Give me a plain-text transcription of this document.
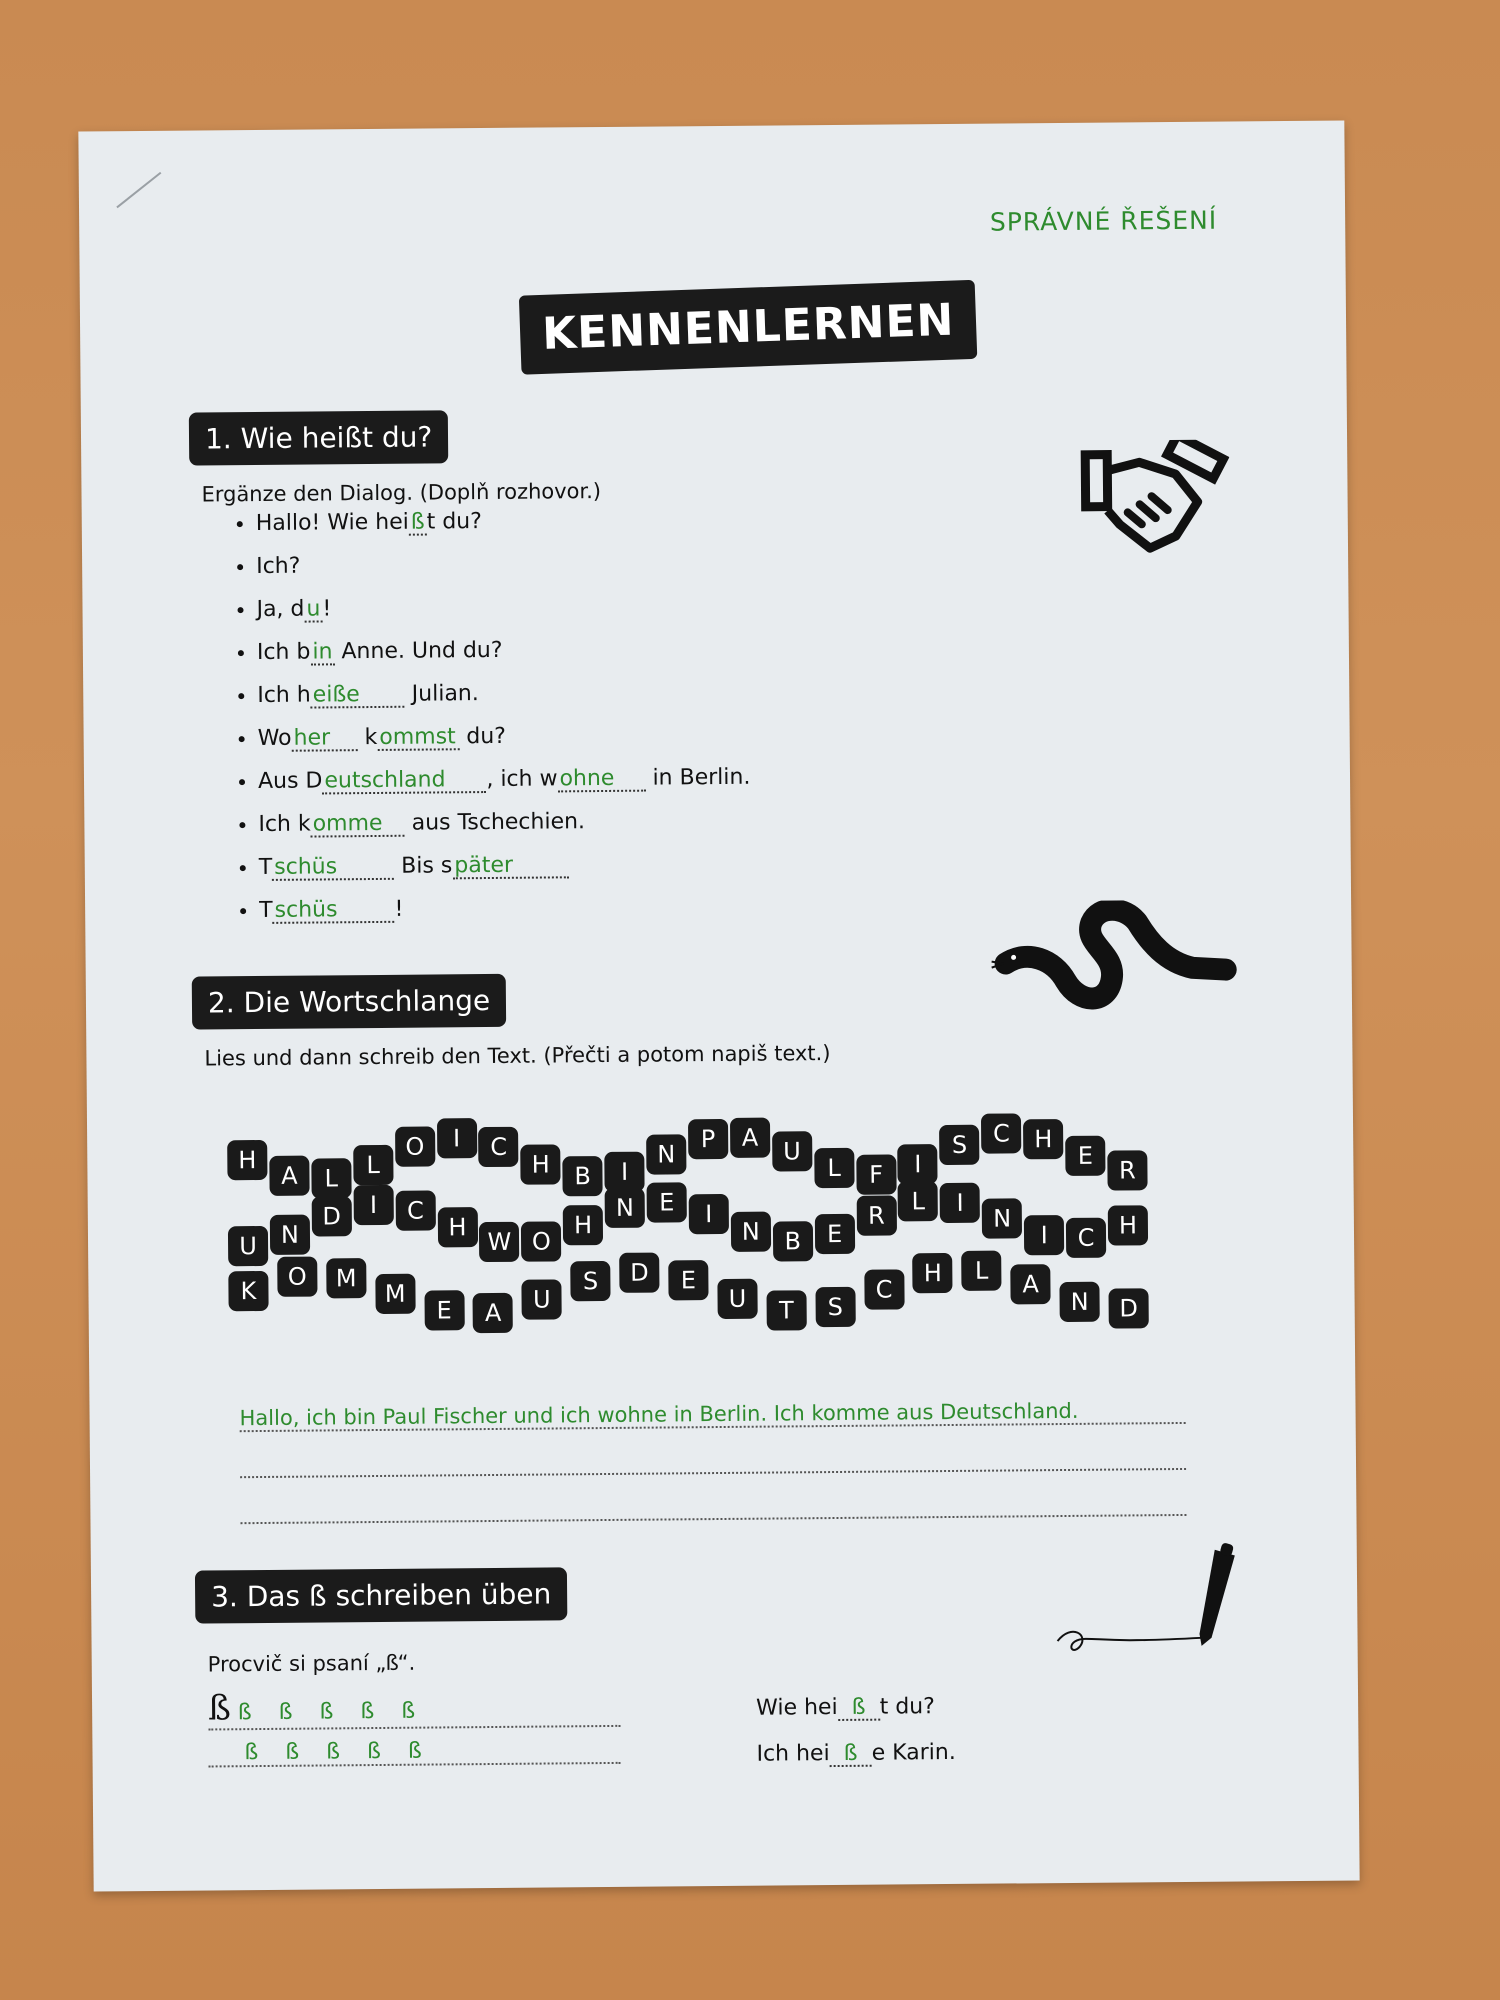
SPRÁVNÉ ŘEŠENÍ
KENNENLERNEN
1. Wie heißt du?
Ergänze den Dialog. (Doplň rozhovor.)
• Hallo! Wie heißt du?
• Ich?
• Ja, du!
• Ich bin Anne. Und du?
• Ich heiße Julian.
• Woher kommst du?
• Aus Deutschland , ich wohne in Berlin.
• Ich komme aus Tschechien.
• Tschüs	Bis später
• Tschüs	!
2. Die Wortschlange
Lies und dann schreib den Text. (Přečti a potom napiš text.)
H
A	L	L
O	I	C
H	B	I
N
P	A	U
L	F	I
S	C	H
E
R
U N
D	I	C
H
W O
H
N	E	I
N	B	E
R
L	I
N
I	C	H
K	O	M
M
E	A	U
S	D	E
U	T	S
C
H	L	A
N	D
Hallo, ich bin Paul Fischer und ich wohne in Berlin. Ich komme aus Deutschland.
3. Das ß schreiben üben
Procvič si psaní „ß“.
ß ß ß ß ß ß
ß ß ß ß ß
Wie hei ß t du?
Ich hei ß e Karin.
